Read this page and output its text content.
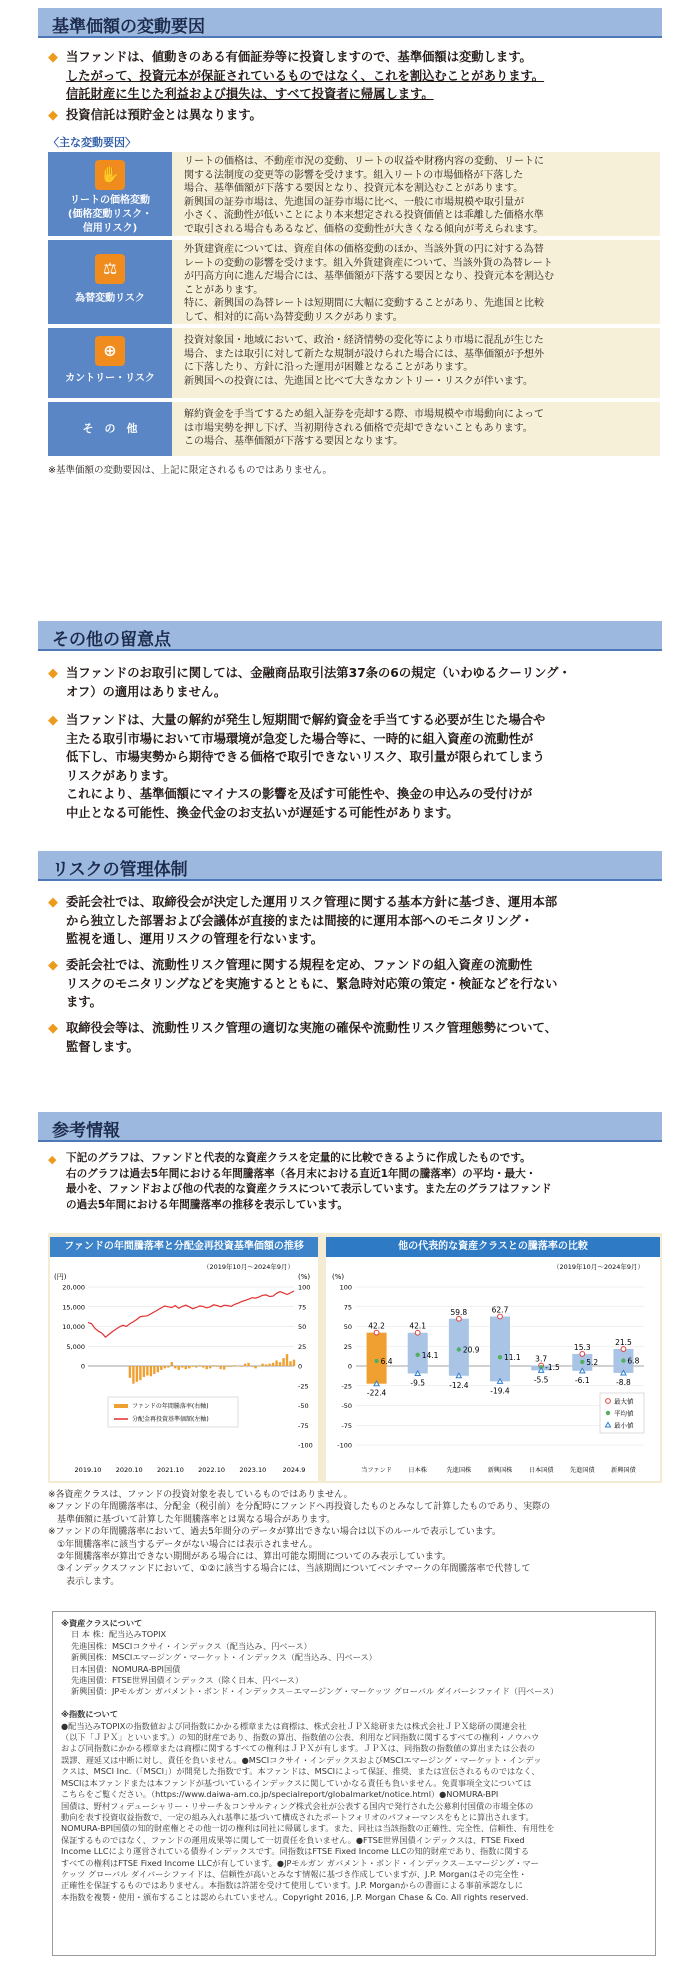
基準価額の変動要因
◆ 当ファンドは、値動きのある有価証券等に投資しますので、基準価額は変動します。
したがって、投資元本が保証されているものではなく、これを割込むことがあります。
信託財産に生じた利益および損失は、すべて投資者に帰属します。
◆ 投資信託は預貯金とは異なります。
〈主な変動要因〉
✋
リートの価格変動
(価格変動リスク・
信用リスク)
リートの価格は、不動産市況の変動、リートの収益や財務内容の変動、リートに
関する法制度の変更等の影響を受けます。組入リートの市場価格が下落した
場合、基準価額が下落する要因となり、投資元本を割込むことがあります。
新興国の証券市場は、先進国の証券市場に比べ、一般に市場規模や取引量が
小さく、流動性が低いことにより本来想定される投資価値とは乖離した価格水準
で取引される場合もあるなど、価格の変動性が大きくなる傾向が考えられます。
⚖
為替変動リスク
外貨建資産については、資産自体の価格変動のほか、当該外貨の円に対する為替
レートの変動の影響を受けます。組入外貨建資産について、当該外貨の為替レート
が円高方向に進んだ場合には、基準価額が下落する要因となり、投資元本を割込む
ことがあります。
特に、新興国の為替レートは短期間に大幅に変動することがあり、先進国と比較
して、相対的に高い為替変動リスクがあります。
⊕
カントリー・リスク
投資対象国・地域において、政治・経済情勢の変化等により市場に混乱が生じた
場合、または取引に対して新たな規制が設けられた場合には、基準価額が予想外
に下落したり、方針に沿った運用が困難となることがあります。
新興国への投資には、先進国と比べて大きなカントリー・リスクが伴います。
そ　の　他
解約資金を手当てするため組入証券を売却する際、市場規模や市場動向によって
は市場実勢を押し下げ、当初期待される価格で売却できないこともあります。
この場合、基準価額が下落する要因となります。
※基準価額の変動要因は、上記に限定されるものではありません。
その他の留意点
◆ 当ファンドのお取引に関しては、金融商品取引法第37条の6の規定（いわゆるクーリング・
オフ）の適用はありません。
◆ 当ファンドは、大量の解約が発生し短期間で解約資金を手当てする必要が生じた場合や
主たる取引市場において市場環境が急変した場合等に、一時的に組入資産の流動性が
低下し、市場実勢から期待できる価格で取引できないリスク、取引量が限られてしまう
リスクがあります。
これにより、基準価額にマイナスの影響を及ぼす可能性や、換金の申込みの受付けが
中止となる可能性、換金代金のお支払いが遅延する可能性があります。
リスクの管理体制
◆ 委託会社では、取締役会が決定した運用リスク管理に関する基本方針に基づき、運用本部
から独立した部署および会議体が直接的または間接的に運用本部へのモニタリング・
監視を通し、運用リスクの管理を行ないます。
◆ 委託会社では、流動性リスク管理に関する規程を定め、ファンドの組入資産の流動性
リスクのモニタリングなどを実施するとともに、緊急時対応策の策定・検証などを行ない
ます。
◆ 取締役会等は、流動性リスク管理の適切な実施の確保や流動性リスク管理態勢について、
監督します。
参考情報
◆ 下記のグラフは、ファンドと代表的な資産クラスを定量的に比較できるように作成したものです。
右のグラフは過去5年間における年間騰落率（各月末における直近1年間の騰落率）の平均・最大・
最小を、ファンドおよび他の代表的な資産クラスについて表示しています。また左のグラフはファンド
の過去5年間における年間騰落率の推移を表示しています。
ファンドの年間騰落率と分配金再投資基準価額の推移
(円)	(%)
（2019年10月～2024年9月）
20,000
15,000
10,000
5,000
0
100
75
50
25
0
-25
-50
-75
-100
2019.10 2020.10 2021.10 2022.10 2023.10	2024.9
ファンドの年間騰落率(右軸)
分配金再投資基準価額(左軸)
他の代表的な資産クラスとの騰落率の比較
(%)
（2019年10月～2024年9月）
100
75
50
25
0
-25
-50
-75
-100
42.2
6.4
-22.4
当ファンド
42.1
14.1
-9.5
日本株
59.8
20.9
-12.4
先進国株
62.7
11.1
-19.4
新興国株
3.7
-1.5
-5.5
日本国債
15.3
5.2
-6.1
先進国債
21.5
6.8
-8.8
新興国債
最大値
平均値
最小値
※各資産クラスは、ファンドの投資対象を表しているものではありません。
※ファンドの年間騰落率は、分配金（税引前）を分配時にファンドへ再投資したものとみなして計算したものであり、実際の
　基準価額に基づいて計算した年間騰落率とは異なる場合があります。
※ファンドの年間騰落率において、過去5年間分のデータが算出できない場合は以下のルールで表示しています。
　①年間騰落率に該当するデータがない場合には表示されません。
　②年間騰落率が算出できない期間がある場合には、算出可能な期間についてのみ表示しています。
　③インデックスファンドにおいて、①②に該当する場合には、当該期間についてベンチマークの年間騰落率で代替して
　　表示します。
※資産クラスについて
日 本 株：配当込みTOPIX
先進国株：MSCIコクサイ・インデックス（配当込み、円ベース）
新興国株：MSCIエマージング・マーケット・インデックス（配当込み、円ベース）
日本国債：NOMURA-BPI国債
先進国債：FTSE世界国債インデックス（除く日本、円ベース）
新興国債：JPモルガン ガバメント・ボンド・インデックス－エマージング・マーケッツ グローバル ダイバーシファイド（円ベース）

※指数について
●配当込みTOPIXの指数値および同指数にかかる標章または商標は、株式会社ＪＰＸ総研または株式会社ＪＰＸ総研の関連会社
（以下「ＪＰＸ」といいます。）の知的財産であり、指数の算出、指数値の公表、利用など同指数に関するすべての権利・ノウハウ
および同指数にかかる標章または商標に関するすべての権利はＪＰＸが有します。ＪＰＸは、同指数の指数値の算出または公表の
誤謬、遅延又は中断に対し、責任を負いません。●MSCIコクサイ・インデックスおよびMSCIエマージング・マーケット・インデッ
クスは、MSCI Inc.（「MSCI」）が開発した指数です。本ファンドは、MSCIによって保証、推奨、または宣伝されるものではなく、
MSCIは本ファンドまたは本ファンドが基づいているインデックスに関していかなる責任も負いません。免責事項全文については
こちらをご覧ください。（https://www.daiwa-am.co.jp/specialreport/globalmarket/notice.html）●NOMURA-BPI
国債は、野村フィデューシャリー・リサーチ＆コンサルティング株式会社が公表する国内で発行された公募利付国債の市場全体の
動向を表す投資収益指数で、一定の組み入れ基準に基づいて構成されたポートフォリオのパフォーマンスをもとに算出されます。
NOMURA-BPI国債の知的財産権とその他一切の権利は同社に帰属します。また、同社は当該指数の正確性、完全性、信頼性、有用性を
保証するものではなく、ファンドの運用成果等に関して一切責任を負いません。●FTSE世界国債インデックスは、FTSE Fixed
Income LLCにより運営されている債券インデックスです。同指数はFTSE Fixed Income LLCの知的財産であり、指数に関する
すべての権利はFTSE Fixed Income LLCが有しています。●JPモルガン ガバメント・ボンド・インデックス－エマージング・マー
ケッツ グローバル ダイバーシファイドは、信頼性が高いとみなす情報に基づき作成していますが、J.P. Morganはその完全性・
正確性を保証するものではありません。本指数は許諾を受けて使用しています。J.P. Morganからの書面による事前承認なしに
本指数を複製・使用・頒布することは認められていません。Copyright 2016, J.P. Morgan Chase & Co. All rights reserved.
